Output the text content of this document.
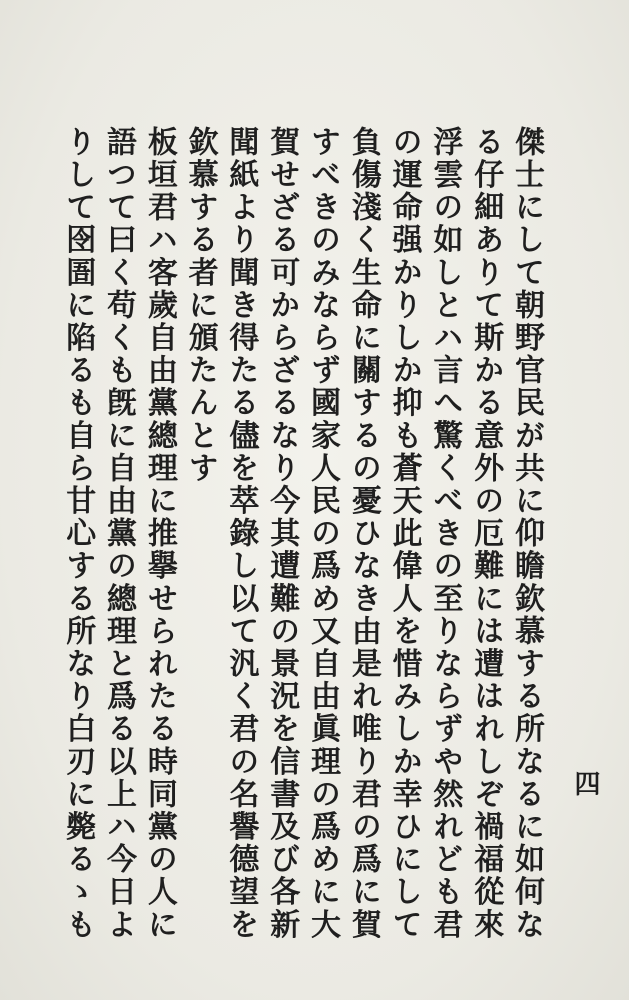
四
傑士にして朝野官民が共に仰瞻欽慕する所なるに如何な
る仔細ありて斯かる意外の厄難には遭はれしぞ禍福從來
浮雲の如しとハ言へ驚くべきの至りならずや然れども君
の運命强かりしか抑も蒼天此偉人を惜みしか幸ひにして
負傷淺く生命に關するの憂ひなき由是れ唯り君の爲に賀
すべきのみならず國家人民の爲め又自由眞理の爲めに大
賀せざる可からざるなり今其遭難の景況を信書及び各新
聞紙より聞き得たる儘を萃錄し以て汎く君の名譽德望を
欽慕する者に頒たんとす
板垣君ハ客歲自由黨總理に推擧せられたる時同黨の人に
語つて曰く苟くも旣に自由黨の總理と爲る以上ハ今日よ
りして囹圄に陷るも自ら甘心する所なり白刃に斃るゝも
